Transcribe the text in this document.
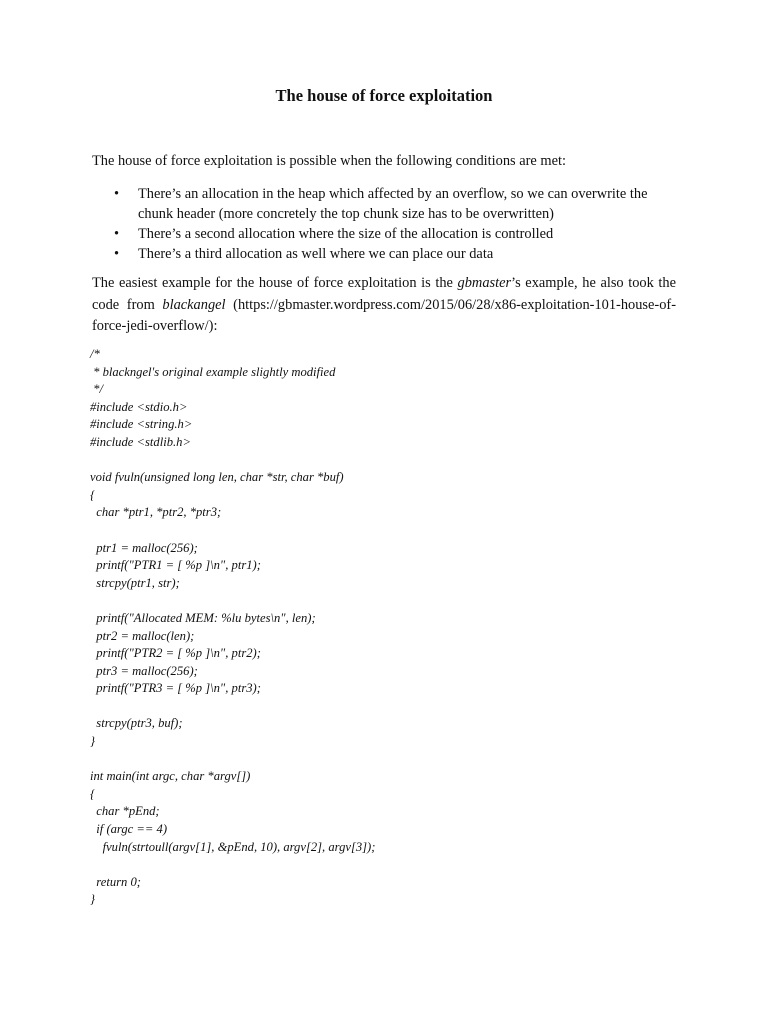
The house of force exploitation
The house of force exploitation is possible when the following conditions are met:
• There’s an allocation in the heap which affected by an overflow, so we can overwrite the chunk header (more concretely the top chunk size has to be overwritten)
• There’s a second allocation where the size of the allocation is controlled
• There’s a third allocation as well where we can place our data
The easiest example for the house of force exploitation is the gbmaster’s example, he also took the code from blackangel (https://gbmaster.wordpress.com/2015/06/28/x86-exploitation-101-house-of-force-jedi-overflow/):
/*
* blackngel's original example slightly modified
*/
#include <stdio.h>
#include <string.h>
#include <stdlib.h>
void fvuln(unsigned long len, char *str, char *buf)
{
char *ptr1, *ptr2, *ptr3;
ptr1 = malloc(256);
printf("PTR1 = [ %p ]\n", ptr1);
strcpy(ptr1, str);
printf("Allocated MEM: %lu bytes\n", len);
ptr2 = malloc(len);
printf("PTR2 = [ %p ]\n", ptr2);
ptr3 = malloc(256);
printf("PTR3 = [ %p ]\n", ptr3);
strcpy(ptr3, buf);
}
int main(int argc, char *argv[])
{
char *pEnd;
if (argc == 4)
fvuln(strtoull(argv[1], &pEnd, 10), argv[2], argv[3]);
return 0;
}
